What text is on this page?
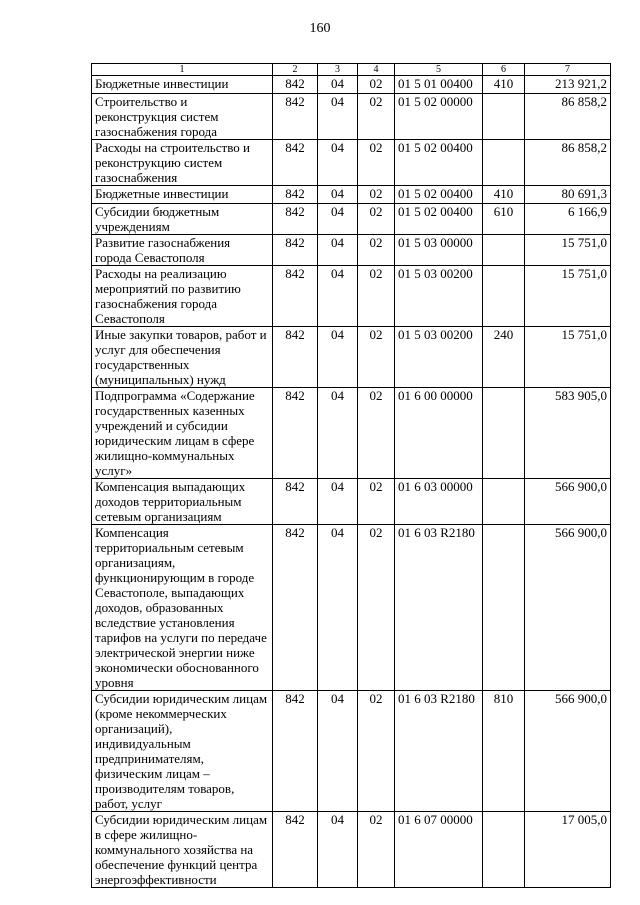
160
1	2	3	4	5	6	7
Бюджетные инвестиции	842	04	02	01 5 01 00400	410	213 921,2
Строительство и реконструкция систем газоснабжения города	842	04	02	01 5 02 00000		86 858,2
Расходы на строительство и реконструкцию систем газоснабжения	842	04	02	01 5 02 00400		86 858,2
Бюджетные инвестиции	842	04	02	01 5 02 00400	410	80 691,3
Субсидии бюджетным учреждениям	842	04	02	01 5 02 00400	610	6 166,9
Развитие газоснабжения города Севастополя	842	04	02	01 5 03 00000		15 751,0
Расходы на реализацию мероприятий по развитию газоснабжения города Севастополя	842	04	02	01 5 03 00200		15 751,0
Иные закупки товаров, работ и услуг для обеспечения государственных (муниципальных) нужд	842	04	02	01 5 03 00200	240	15 751,0
Подпрограмма «Содержание государственных казенных учреждений и субсидии юридическим лицам в сфере жилищно-коммунальных услуг»	842	04	02	01 6 00 00000		583 905,0
Компенсация выпадающих доходов территориальным сетевым организациям	842	04	02	01 6 03 00000		566 900,0
Компенсация территориальным сетевым организациям, функционирующим в городе Севастополе, выпадающих доходов, образованных вследствие установления тарифов на услуги по передаче электрической энергии ниже экономически обоснованного уровня	842	04	02	01 6 03 R2180		566 900,0
Субсидии юридическим лицам (кроме некоммерческих организаций), индивидуальным предпринимателям, физическим лицам – производителям товаров, работ, услуг	842	04	02	01 6 03 R2180	810	566 900,0
Субсидии юридическим лицам в сфере жилищно-коммунального хозяйства на обеспечение функций центра энергоэффективности	842	04	02	01 6 07 00000		17 005,0
